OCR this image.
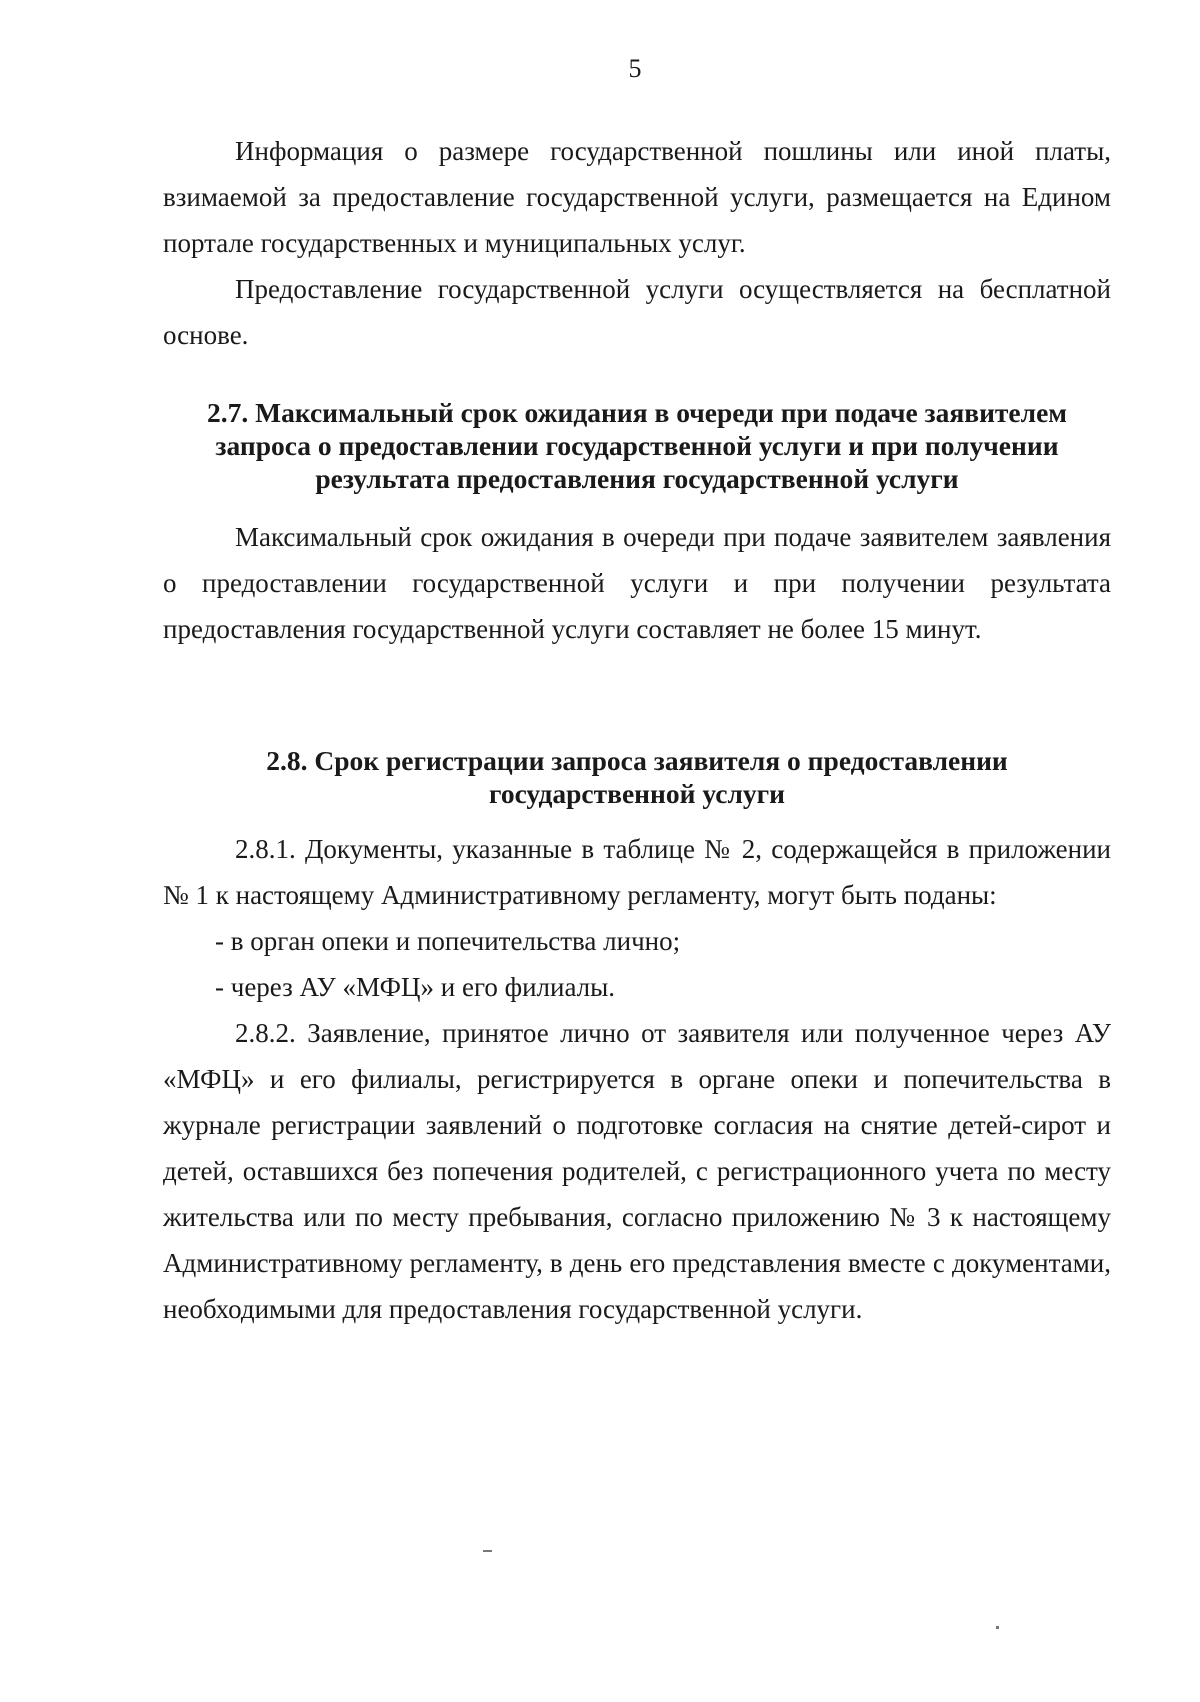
5

Информация о размере государственной пошлины или иной платы, взимаемой за предоставление государственной услуги, размещается на Едином портале государственных и муниципальных услуг.

Предоставление государственной услуги осуществляется на бесплатной основе.

2.7. Максимальный срок ожидания в очереди при подаче заявителем запроса о предоставлении государственной услуги и при получении результата предоставления государственной услуги

Максимальный срок ожидания в очереди при подаче заявителем заявления о предоставлении государственной услуги и при получении результата предоставления государственной услуги составляет не более 15 минут.

2.8. Срок регистрации запроса заявителя о предоставлении
государственной услуги

2.8.1. Документы, указанные в таблице № 2, содержащейся в приложении № 1 к настоящему Административному регламенту, могут быть поданы:

- в орган опеки и попечительства лично;

- через АУ «МФЦ» и его филиалы.

2.8.2. Заявление, принятое лично от заявителя или полученное через АУ «МФЦ» и его филиалы, регистрируется в органе опеки и попечительства в журнале регистрации заявлений о подготовке согласия на снятие детей-сирот и детей, оставшихся без попечения родителей, с регистрационного учета по месту жительства или по месту пребывания, согласно приложению № 3 к настоящему Административному регламенту, в день его представления вместе с документами, необходимыми для предоставления государственной услуги.
